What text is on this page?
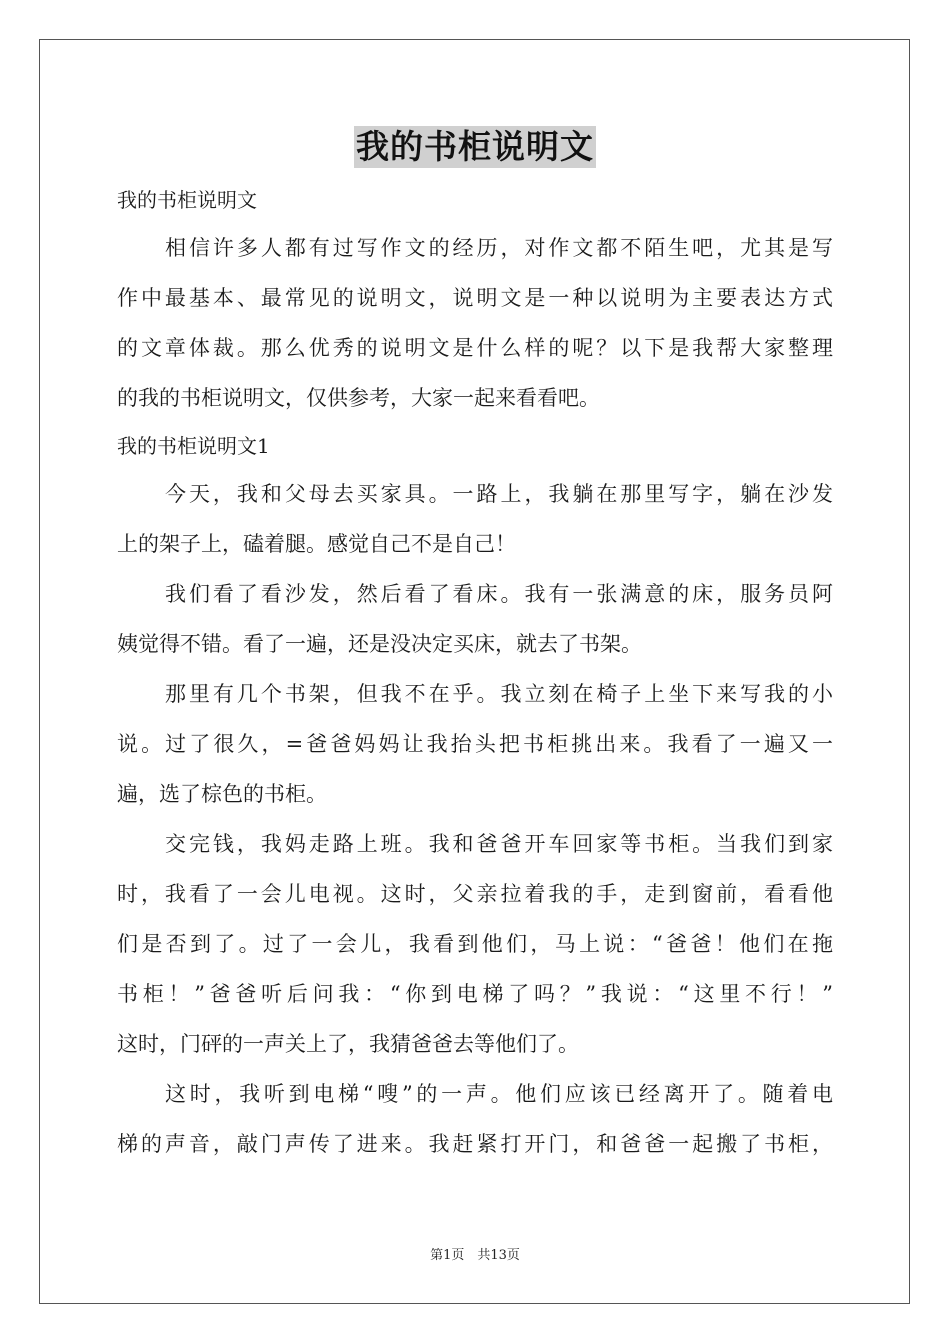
我的书柜说明文
我的书柜说明文
相信许多人都有过写作文的经历，对作文都不陌生吧，尤其是写
作中最基本、最常见的说明文，说明文是一种以说明为主要表达方式
的文章体裁。那么优秀的说明文是什么样的呢？以下是我帮大家整理
的我的书柜说明文，仅供参考，大家一起来看看吧。
我的书柜说明文1
今天，我和父母去买家具。一路上，我躺在那里写字，躺在沙发
上的架子上，磕着腿。感觉自己不是自己！
我们看了看沙发，然后看了看床。我有一张满意的床，服务员阿
姨觉得不错。看了一遍，还是没决定买床，就去了书架。
那里有几个书架，但我不在乎。我立刻在椅子上坐下来写我的小
说。过了很久，=爸爸妈妈让我抬头把书柜挑出来。我看了一遍又一
遍，选了棕色的书柜。
交完钱，我妈走路上班。我和爸爸开车回家等书柜。当我们到家
时，我看了一会儿电视。这时，父亲拉着我的手，走到窗前，看看他
们是否到了。过了一会儿，我看到他们，马上说：“爸爸！他们在拖
书柜！”爸爸听后问我：“你到电梯了吗？”我说：“这里不行！”
这时，门砰的一声关上了，我猜爸爸去等他们了。
这时，我听到电梯“嗖”的一声。他们应该已经离开了。随着电
梯的声音，敲门声传了进来。我赶紧打开门，和爸爸一起搬了书柜，
第1页　共13页
